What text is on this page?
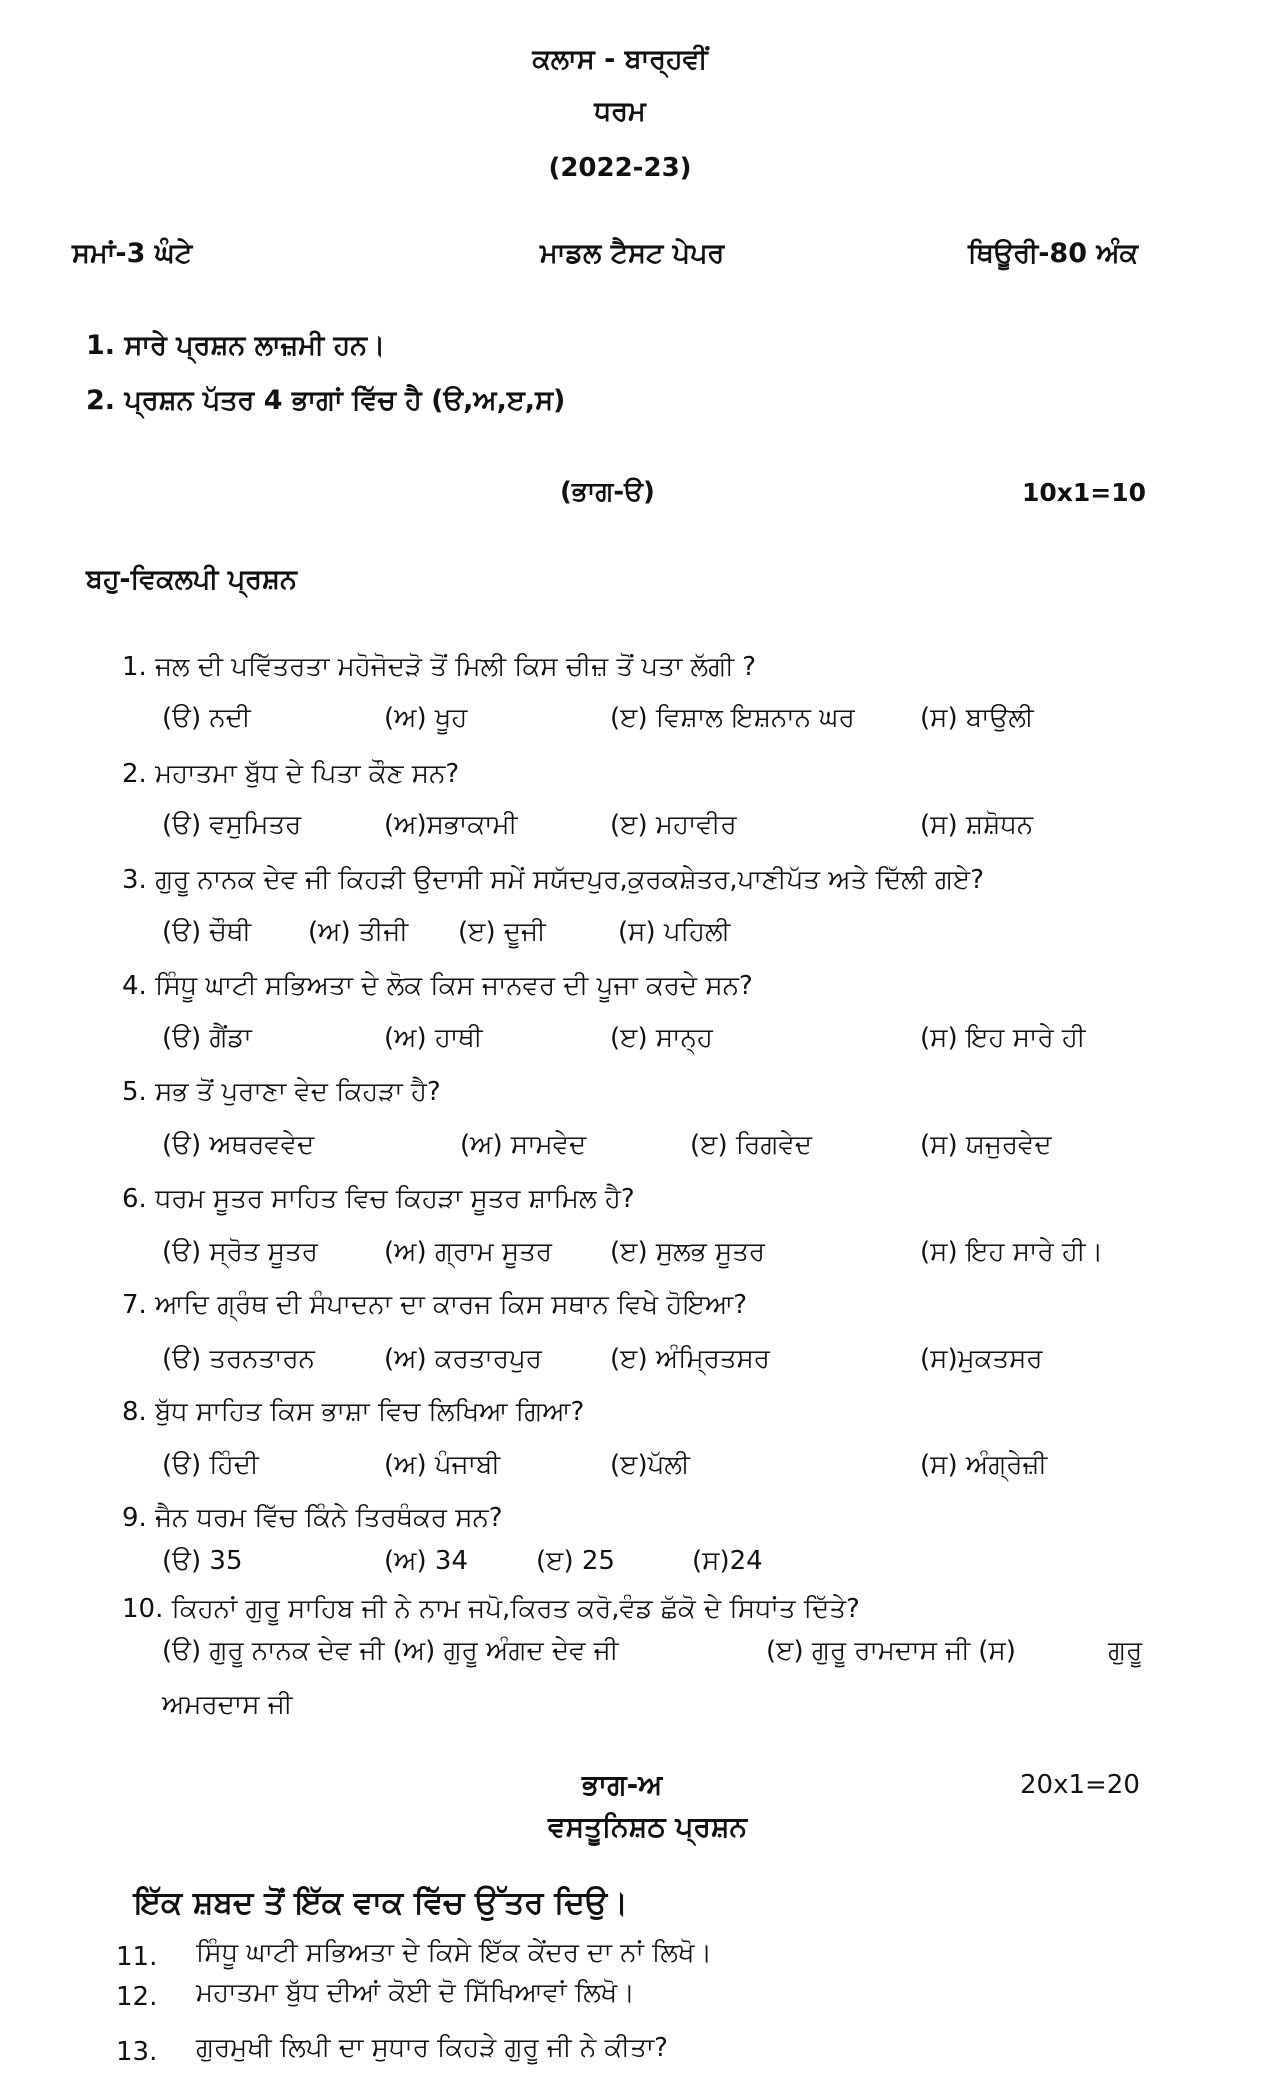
ਕਲਾਸ - ਬਾਰ੍ਹਵੀਂ
ਧਰਮ
(2022-23)
ਸਮਾਂ-3 ਘੰਟੇ	ਮਾਡਲ ਟੈਸਟ ਪੇਪਰ	ਥਿਊਰੀ-80 ਅੰਕ
1. ਸਾਰੇ ਪ੍ਰਸ਼ਨ ਲਾਜ਼ਮੀ ਹਨ।
2. ਪ੍ਰਸ਼ਨ ਪੱਤਰ 4 ਭਾਗਾਂ ਵਿੱਚ ਹੈ (ੳ,ਅ,ੲ,ਸ)
(ਭਾਗ-ੳ)	10x1=10
ਬਹੁ-ਵਿਕਲਪੀ ਪ੍ਰਸ਼ਨ
1. ਜਲ ਦੀ ਪਵਿੱਤਰਤਾ ਮਹੋਜੋਦੜੋ ਤੋਂ ਮਿਲੀ ਕਿਸ ਚੀਜ਼ ਤੋਂ ਪਤਾ ਲੱਗੀ ?
(ੳ) ਨਦੀ	(ਅ) ਖੂਹ	(ੲ) ਵਿਸ਼ਾਲ ਇਸ਼ਨਾਨ ਘਰ	(ਸ) ਬਾਉਲੀ
2. ਮਹਾਤਮਾ ਬੁੱਧ ਦੇ ਪਿਤਾ ਕੌਣ ਸਨ?
(ੳ) ਵਸੁਮਿਤਰ	(ਅ)ਸਭਾਕਾਮੀ	(ੲ) ਮਹਾਵੀਰ	(ਸ) ਸ਼ਸ਼ੋਧਨ
3. ਗੁਰੂ ਨਾਨਕ ਦੇਵ ਜੀ ਕਿਹੜੀ ਉਦਾਸੀ ਸਮੇਂ ਸਯੱਦਪੁਰ,ਕੁਰਕਸ਼ੇਤਰ,ਪਾਣੀਪੱਤ ਅਤੇ ਦਿੱਲੀ ਗਏ?
(ੳ) ਚੌਥੀ (ਅ) ਤੀਜੀ (ੲ) ਦੂਜੀ	(ਸ) ਪਹਿਲੀ
4. ਸਿੰਧੂ ਘਾਟੀ ਸਭਿਅਤਾ ਦੇ ਲੋਕ ਕਿਸ ਜਾਨਵਰ ਦੀ ਪੂਜਾ ਕਰਦੇ ਸਨ?
(ੳ) ਗੈਂਡਾ	(ਅ) ਹਾਥੀ	(ੲ) ਸਾਨ੍ਹ	(ਸ) ਇਹ ਸਾਰੇ ਹੀ
5. ਸਭ ਤੋਂ ਪੁਰਾਣਾ ਵੇਦ ਕਿਹੜਾ ਹੈ?
(ੳ) ਅਥਰਵਵੇਦ	(ਅ) ਸਾਮਵੇਦ	(ੲ) ਰਿਗਵੇਦ	(ਸ) ਯਜੁਰਵੇਦ
6. ਧਰਮ ਸੂਤਰ ਸਾਹਿਤ ਵਿਚ ਕਿਹੜਾ ਸੂਤਰ ਸ਼ਾਮਿਲ ਹੈ?
(ੳ) ਸ੍ਰੋਤ ਸੂਤਰ	(ਅ) ਗ੍ਰਾਮ ਸੂਤਰ (ੲ) ਸੁਲਭ ਸੂਤਰ	(ਸ) ਇਹ ਸਾਰੇ ਹੀ।
7. ਆਦਿ ਗ੍ਰੰਥ ਦੀ ਸੰਪਾਦਨਾ ਦਾ ਕਾਰਜ ਕਿਸ ਸਥਾਨ ਵਿਖੇ ਹੋਇਆ?
(ੳ) ਤਰਨਤਾਰਨ	(ਅ) ਕਰਤਾਰਪੁਰ	(ੲ) ਅੰਮ੍ਰਿਤਸਰ	(ਸ)ਮੁਕਤਸਰ
8. ਬੁੱਧ ਸਾਹਿਤ ਕਿਸ ਭਾਸ਼ਾ ਵਿਚ ਲਿਖਿਆ ਗਿਆ?
(ੳ) ਹਿੰਦੀ	(ਅ) ਪੰਜਾਬੀ	(ੲ)ਪੱਲੀ	(ਸ) ਅੰਗ੍ਰੇਜ਼ੀ
9. ਜੈਨ ਧਰਮ ਵਿੱਚ ਕਿੰਨੇ ਤਿਰਥੰਕਰ ਸਨ?
(ੳ) 35	(ਅ) 34	(ੲ) 25	(ਸ)24
10. ਕਿਹਨਾਂ ਗੁਰੂ ਸਾਹਿਬ ਜੀ ਨੇ ਨਾਮ ਜਪੋ,ਕਿਰਤ ਕਰੋ,ਵੰਡ ਛੱਕੋ ਦੇ ਸਿਧਾਂਤ ਦਿੱਤੇ?
(ੳ) ਗੁਰੂ ਨਾਨਕ ਦੇਵ ਜੀ (ਅ) ਗੁਰੂ ਅੰਗਦ ਦੇਵ ਜੀ	(ੲ) ਗੁਰੂ ਰਾਮਦਾਸ ਜੀ (ਸ)	ਗੁਰੂ
ਅਮਰਦਾਸ ਜੀ
ਭਾਗ-ਅ	20x1=20
ਵਸਤੂਨਿਸ਼ਠ ਪ੍ਰਸ਼ਨ
ਇੱਕ ਸ਼ਬਦ ਤੋਂ ਇੱਕ ਵਾਕ ਵਿੱਚ ਉੱਤਰ ਦਿਉ।
11. ਸਿੰਧੂ ਘਾਟੀ ਸਭਿਅਤਾ ਦੇ ਕਿਸੇ ਇੱਕ ਕੇਂਦਰ ਦਾ ਨਾਂ ਲਿਖੋ।
12. ਮਹਾਤਮਾ ਬੁੱਧ ਦੀਆਂ ਕੋਈ ਦੋ ਸਿੱਖਿਆਵਾਂ ਲਿਖੋ।
13. ਗੁਰਮੁਖੀ ਲਿਪੀ ਦਾ ਸੁਧਾਰ ਕਿਹੜੇ ਗੁਰੂ ਜੀ ਨੇ ਕੀਤਾ?
